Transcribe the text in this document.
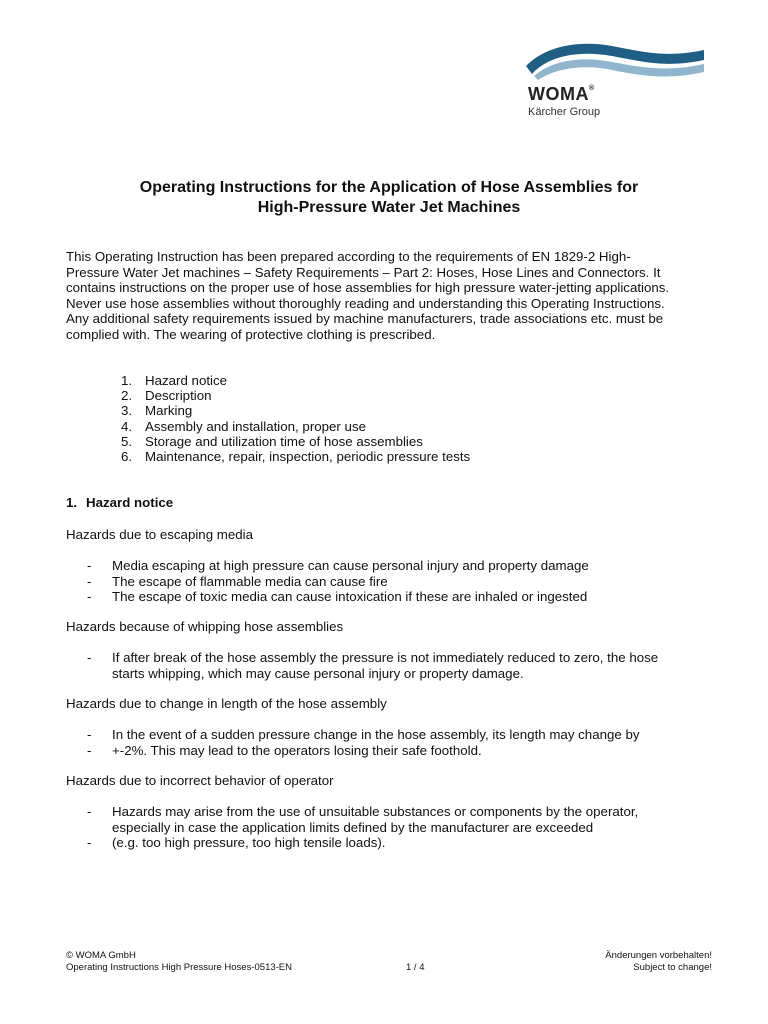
WOMA®
Kärcher Group
Operating Instructions for the Application of Hose Assemblies for
High-Pressure Water Jet Machines
This Operating Instruction has been prepared according to the requirements of EN 1829-2 High-
Pressure Water Jet machines – Safety Requirements – Part 2: Hoses, Hose Lines and Connectors. It
contains instructions on the proper use of hose assemblies for high pressure water-jetting applications.
Never use hose assemblies without thoroughly reading and understanding this Operating Instructions.
Any additional safety requirements issued by machine manufacturers, trade associations etc. must be
complied with. The wearing of protective clothing is prescribed.
1. Hazard notice
2. Description
3. Marking
4. Assembly and installation, proper use
5. Storage and utilization time of hose assemblies
6. Maintenance, repair, inspection, periodic pressure tests
1. Hazard notice
Hazards due to escaping media
- Media escaping at high pressure can cause personal injury and property damage
- The escape of flammable media can cause fire
- The escape of toxic media can cause intoxication if these are inhaled or ingested
Hazards because of whipping hose assemblies
- If after break of the hose assembly the pressure is not immediately reduced to zero, the hose
starts whipping, which may cause personal injury or property damage.
Hazards due to change in length of the hose assembly
- In the event of a sudden pressure change in the hose assembly, its length may change by
- +-2%. This may lead to the operators losing their safe foothold.
Hazards due to incorrect behavior of operator
- Hazards may arise from the use of unsuitable substances or components by the operator,
especially in case the application limits defined by the manufacturer are exceeded
- (e.g. too high pressure, too high tensile loads).
© WOMA GmbH
Operating Instructions High Pressure Hoses-0513-EN	1 / 4
Änderungen vorbehalten!
Subject to change!
